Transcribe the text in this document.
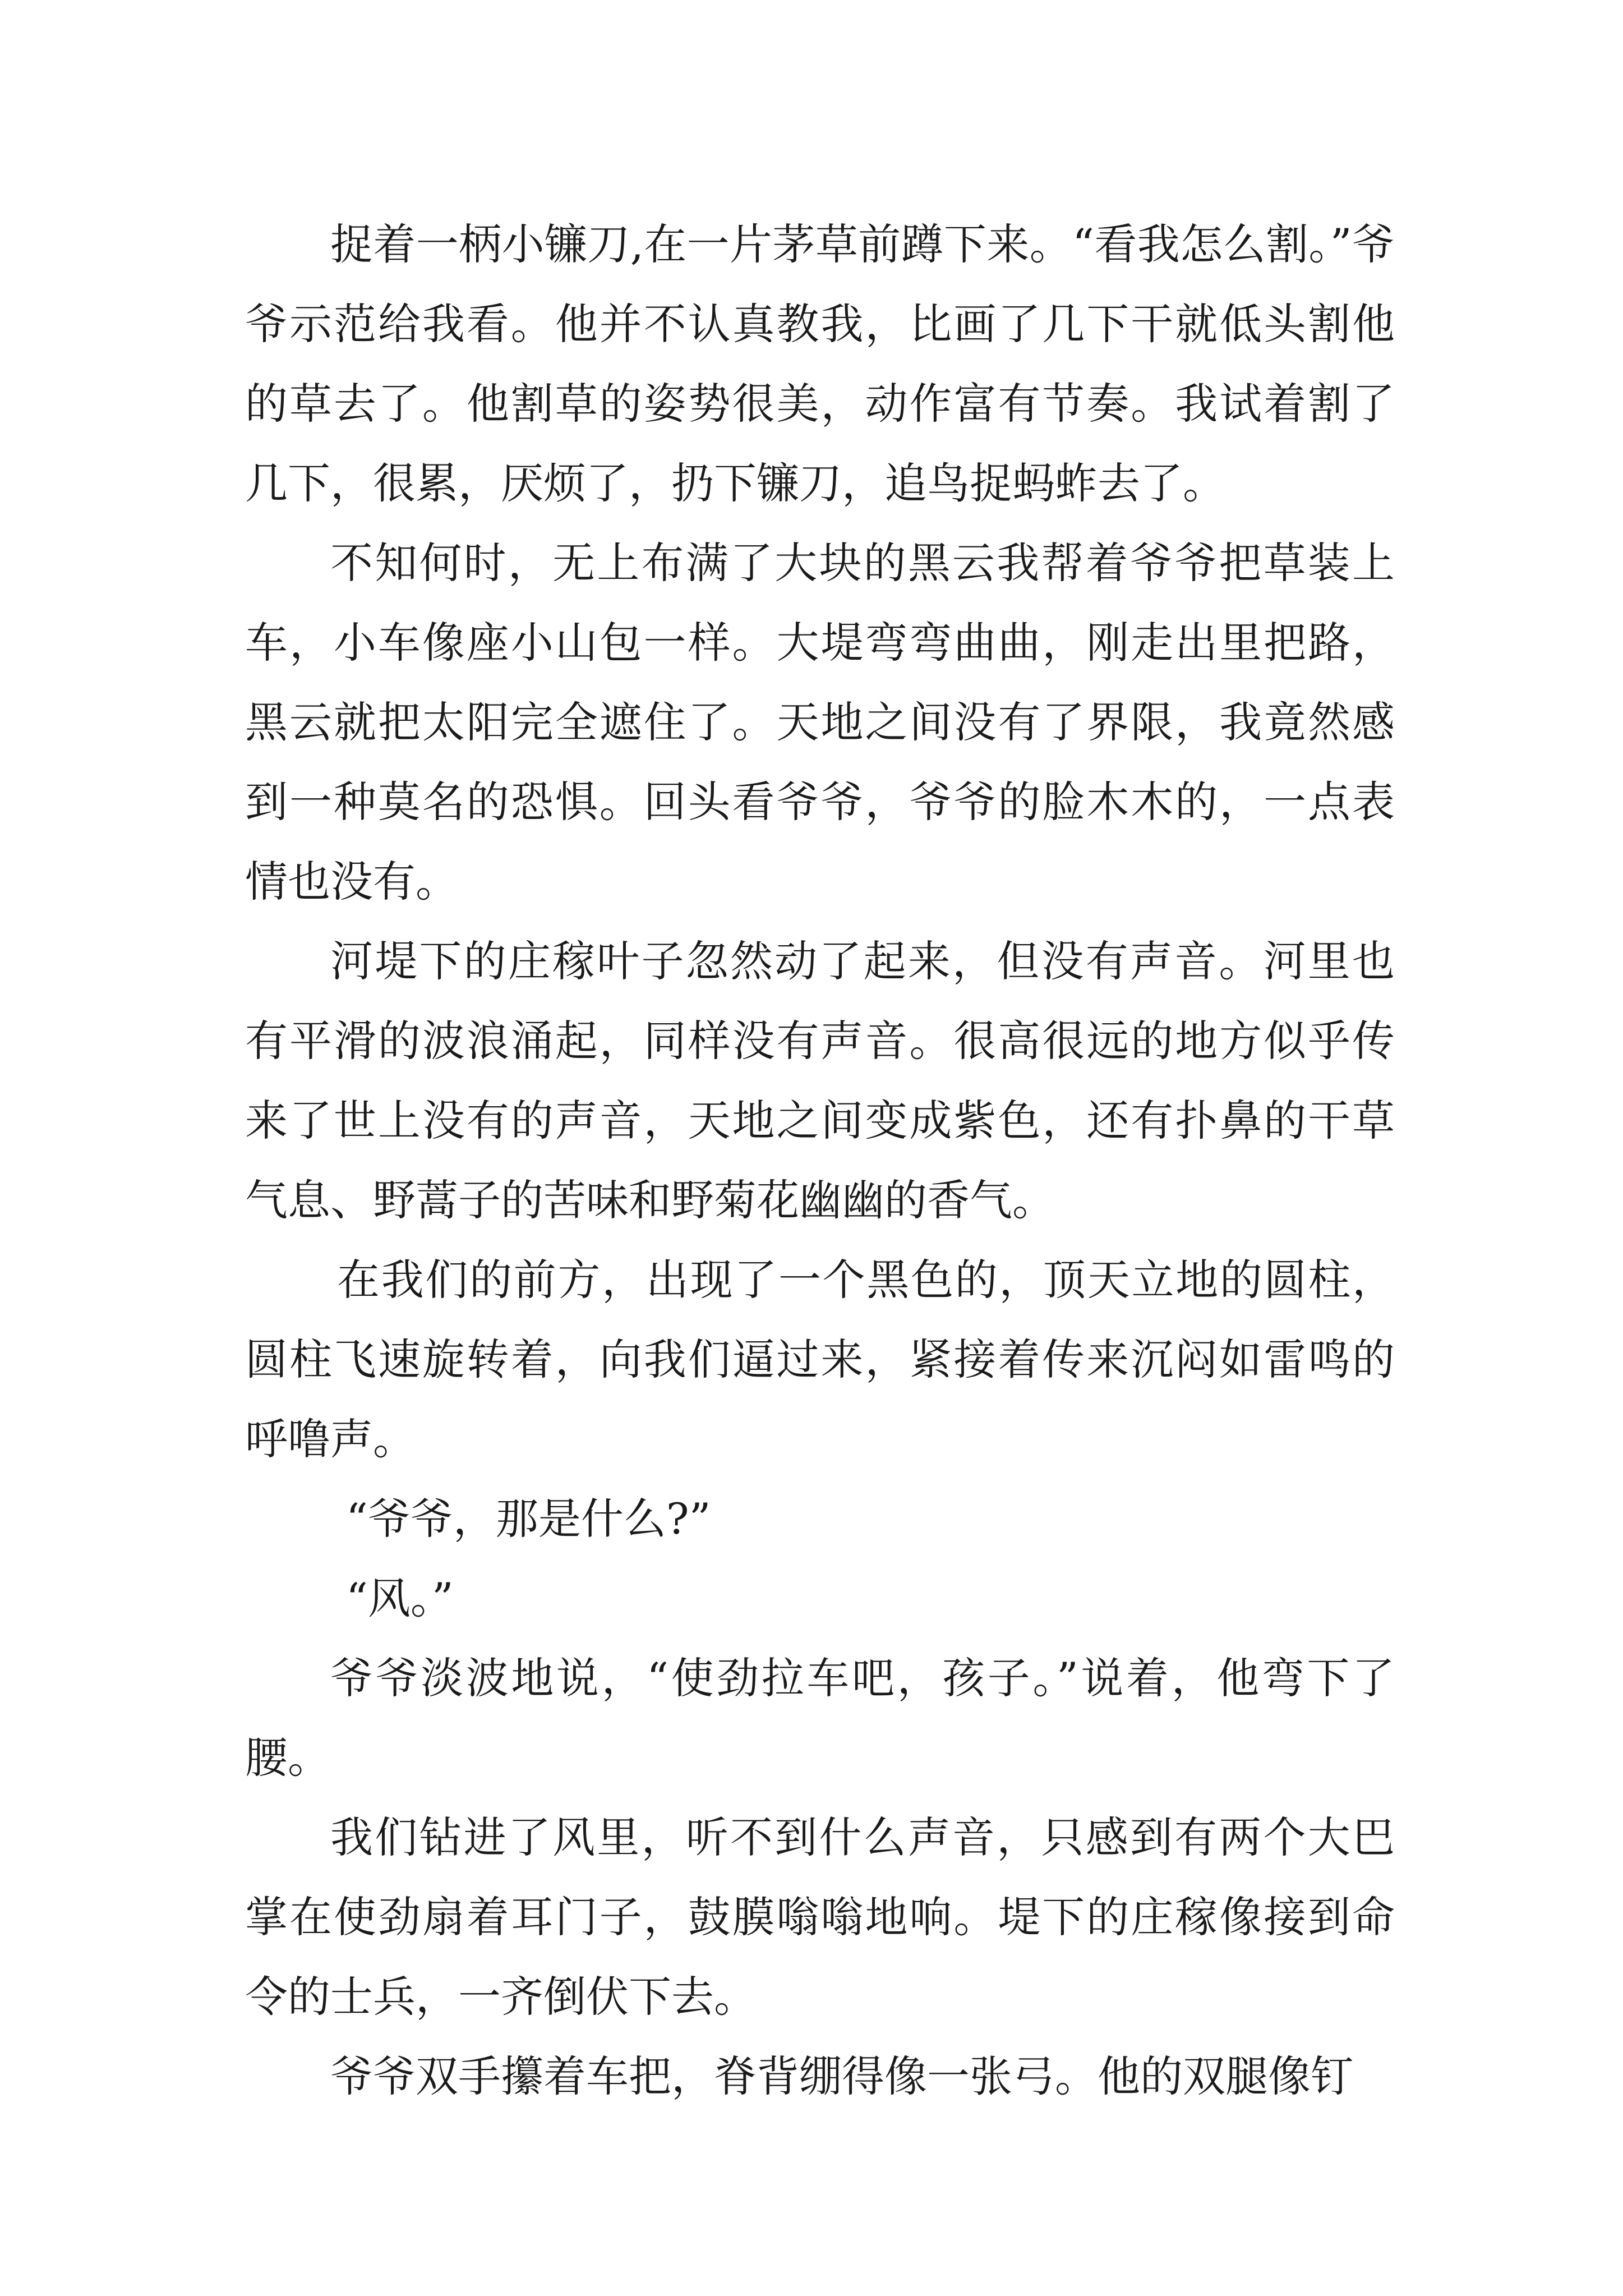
捉着一柄小镰刀,在一片茅草前蹲下来。“看我怎么割。”爷爷示范给我看。他并不认真教我，比画了几下干就低头割他的草去了。他割草的姿势很美，动作富有节奏。我试着割了几下，很累，厌烦了，扔下镰刀，追鸟捉蚂蚱去了。

不知何时，无上布满了大块的黑云我帮着爷爷把草装上车，小车像座小山包一样。大堤弯弯曲曲，刚走出里把路，黑云就把太阳完全遮住了。天地之间没有了界限，我竟然感到一种莫名的恐惧。回头看爷爷，爷爷的脸木木的，一点表情也没有。

河堤下的庄稼叶子忽然动了起来，但没有声音。河里也有平滑的波浪涌起，同样没有声音。很高很远的地方似乎传来了世上没有的声音，天地之间变成紫色，还有扑鼻的干草气息、野蒿子的苦味和野菊花幽幽的香气。

在我们的前方，出现了一个黑色的，顶天立地的圆柱，圆柱飞速旋转着，向我们逼过来，紧接着传来沉闷如雷鸣的呼噜声。

“爷爷，那是什么?”

“风。”

爷爷淡波地说，“使劲拉车吧，孩子。”说着，他弯下了腰。

我们钻进了风里，听不到什么声音，只感到有两个大巴掌在使劲扇着耳门子，鼓膜嗡嗡地响。堤下的庄稼像接到命令的士兵，一齐倒伏下去。

爷爷双手攥着车把，脊背绷得像一张弓。他的双腿像钉
